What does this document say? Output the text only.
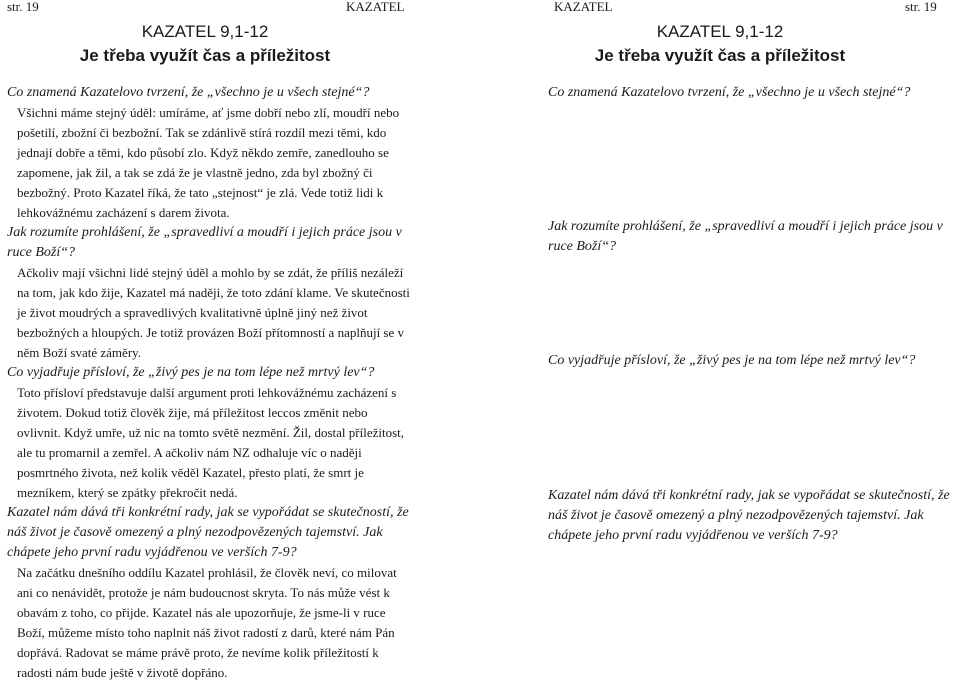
str. 19	KAZATEL
KAZATEL 9,1-12
Je třeba využít čas a příležitost

Co znamená Kazatelovo tvrzení, že „všechno je u všech stejné“?

Všichni máme stejný úděl: umíráme, ať jsme dobří nebo zlí, moudří nebo pošetilí, zbožní či bezbožní. Tak se zdánlivě stírá rozdíl mezi těmi, kdo jednají dobře a těmi, kdo působí zlo. Když někdo zemře, zanedlouho se zapomene, jak žil, a tak se zdá že je vlastně jedno, zda byl zbožný či bezbožný. Proto Kazatel říká, že tato „stejnost“ je zlá. Vede totiž lidi k lehkovážnému zacházení s darem života.

Jak rozumíte prohlášení, že „spravedliví a moudří i jejich práce jsou v ruce Boží“?

Ačkoliv mají všichni lidé stejný úděl a mohlo by se zdát, že příliš nezáleží na tom, jak kdo žije, Kazatel má naději, že toto zdání klame. Ve skutečnosti je život moudrých a spravedlivých kvalitativně úplně jiný než život bezbožných a hloupých. Je totiž provázen Boží přítomností a naplňují se v něm Boží svaté záměry.

Co vyjadřuje přísloví, že „živý pes je na tom lépe než mrtvý lev“?

Toto přísloví představuje další argument proti lehkovážnému zacházení s životem. Dokud totiž člověk žije, má příležitost leccos změnit nebo ovlivnit. Když umře, už nic na tomto světě nezmění. Žil, dostal příležitost, ale tu promarnil a zemřel. A ačkoliv nám NZ odhaluje víc o naději posmrtného života, než kolik věděl Kazatel, přesto platí, že smrt je mezníkem, který se zpátky překročit nedá.

Kazatel nám dává tři konkrétní rady, jak se vypořádat se skutečností, že náš život je časově omezený a plný nezodpovězených tajemství. Jak chápete jeho první radu vyjádřenou ve verších 7-9?

Na začátku dnešního oddílu Kazatel prohlásil, že člověk neví, co milovat ani co nenávidět, protože je nám budoucnost skryta. To nás může vést k obavám z toho, co přijde. Kazatel nás ale upozorňuje, že jsme-li v ruce Boží, můžeme místo toho naplnit náš život radostí z darů, které nám Pán dopřává. Radovat se máme právě proto, že nevíme kolik příležitostí k radosti nám bude ještě v životě dopřáno.

KAZATEL	str. 19
KAZATEL 9,1-12
Je třeba využít čas a příležitost

Co znamená Kazatelovo tvrzení, že „všechno je u všech stejné“?

Jak rozumíte prohlášení, že „spravedliví a moudří i jejich práce jsou v ruce Boží“?

Co vyjadřuje přísloví, že „živý pes je na tom lépe než mrtvý lev“?

Kazatel nám dává tři konkrétní rady, jak se vypořádat se skutečností, že náš život je časově omezený a plný nezodpovězených tajemství. Jak chápete jeho první radu vyjádřenou ve verších 7-9?
